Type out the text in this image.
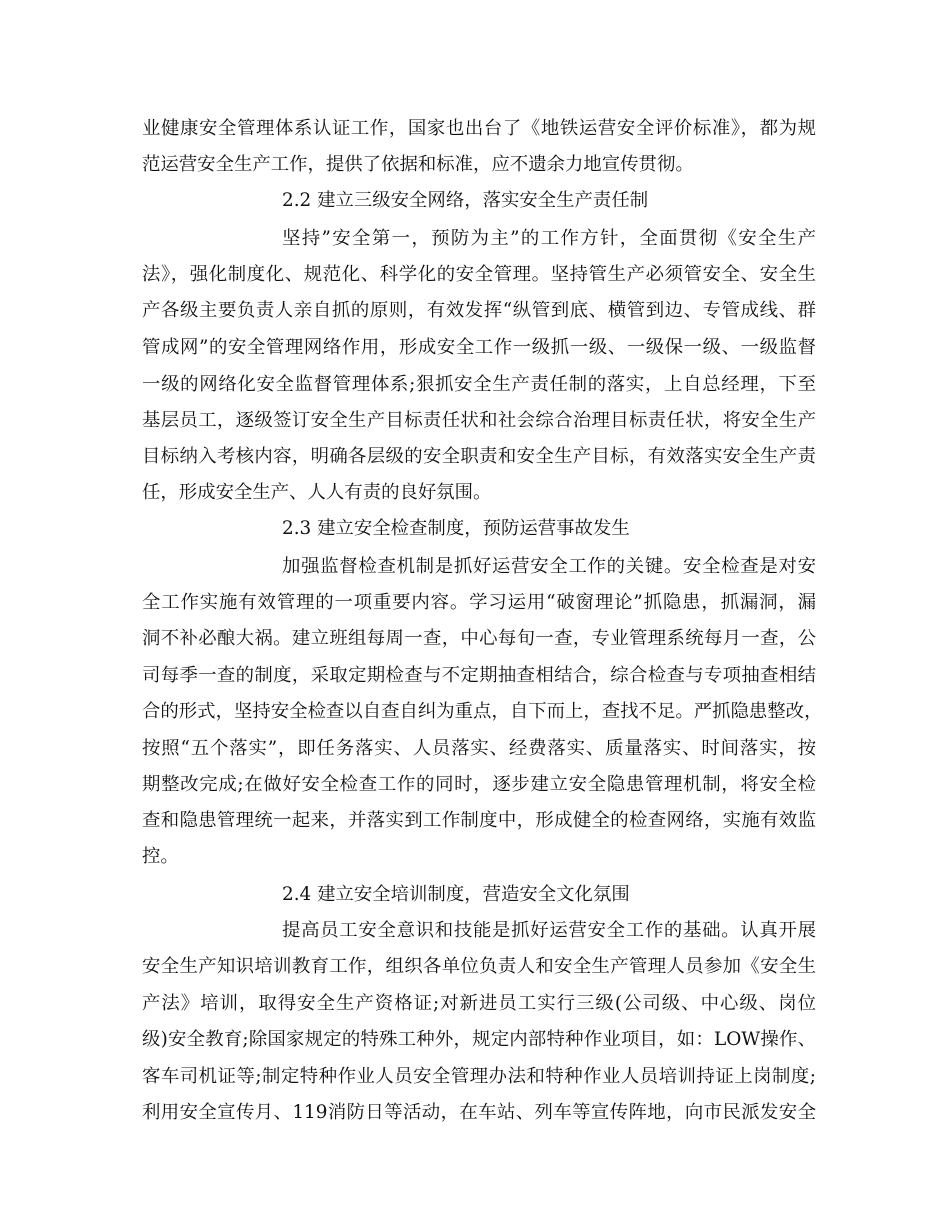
业健康安全管理体系认证工作，国家也出台了《地铁运营安全评价标准》，都为规

范运营安全生产工作，提供了依据和标准，应不遗余力地宣传贯彻。

2.2 建立三级安全网络，落实安全生产责任制

坚持”安全第一，预防为主”的工作方针，全面贯彻《安全生产

法》，强化制度化、规范化、科学化的安全管理。坚持管生产必须管安全、安全生

产各级主要负责人亲自抓的原则，有效发挥“纵管到底、横管到边、专管成线、群

管成网”的安全管理网络作用，形成安全工作一级抓一级、一级保一级、一级监督

一级的网络化安全监督管理体系;狠抓安全生产责任制的落实，上自总经理，下至

基层员工，逐级签订安全生产目标责任状和社会综合治理目标责任状，将安全生产

目标纳入考核内容，明确各层级的安全职责和安全生产目标，有效落实安全生产责

任，形成安全生产、人人有责的良好氛围。

2.3 建立安全检查制度，预防运营事故发生

加强监督检查机制是抓好运营安全工作的关键。安全检查是对安

全工作实施有效管理的一项重要内容。学习运用“破窗理论”抓隐患，抓漏洞，漏

洞不补必酿大祸。建立班组每周一查，中心每旬一查，专业管理系统每月一查，公

司每季一查的制度，采取定期检查与不定期抽查相结合，综合检查与专项抽查相结

合的形式，坚持安全检查以自查自纠为重点，自下而上，查找不足。严抓隐患整改，

按照“五个落实”，即任务落实、人员落实、经费落实、质量落实、时间落实，按

期整改完成;在做好安全检查工作的同时，逐步建立安全隐患管理机制，将安全检

查和隐患管理统一起来，并落实到工作制度中，形成健全的检查网络，实施有效监

控。

2.4 建立安全培训制度，营造安全文化氛围

提高员工安全意识和技能是抓好运营安全工作的基础。认真开展

安全生产知识培训教育工作，组织各单位负责人和安全生产管理人员参加《安全生

产法》培训，取得安全生产资格证;对新进员工实行三级(公司级、中心级、岗位

级)安全教育;除国家规定的特殊工种外，规定内部特种作业项目，如：LOW操作、

客车司机证等;制定特种作业人员安全管理办法和特种作业人员培训持证上岗制度;

利用安全宣传月、119消防日等活动，在车站、列车等宣传阵地，向市民派发安全
